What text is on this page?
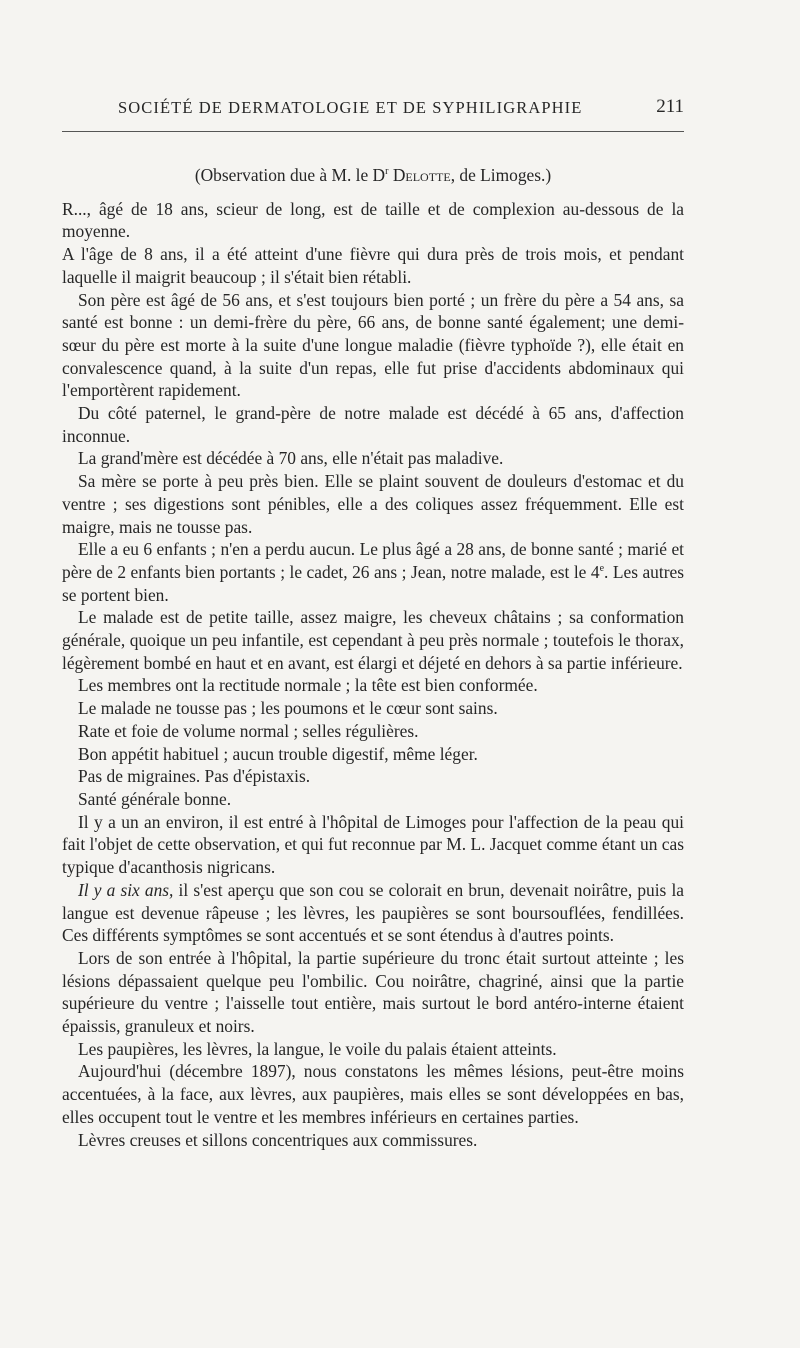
SOCIÉTÉ DE DERMATOLOGIE ET DE SYPHILIGRAPHIE	211
(Observation due à M. le $D^r$ Delotte, de Limoges.)

R..., âgé de 18 ans, scieur de long, est de taille et de complexion au-dessous de la moyenne.

A l'âge de 8 ans, il a été atteint d'une fièvre qui dura près de trois mois, et pendant laquelle il maigrit beaucoup ; il s'était bien rétabli.

Son père est âgé de 56 ans, et s'est toujours bien porté ; un frère du père a 54 ans, sa santé est bonne : un demi-frère du père, 66 ans, de bonne santé également; une demi-sœur du père est morte à la suite d'une longue maladie (fièvre typhoïde ?), elle était en convalescence quand, à la suite d'un repas, elle fut prise d'accidents abdominaux qui l'emportèrent rapidement.

Du côté paternel, le grand-père de notre malade est décédé à 65 ans, d'affection inconnue.

La grand'mère est décédée à 70 ans, elle n'était pas maladive.

Sa mère se porte à peu près bien. Elle se plaint souvent de douleurs d'estomac et du ventre ; ses digestions sont pénibles, elle a des coliques assez fréquemment. Elle est maigre, mais ne tousse pas.

Elle a eu 6 enfants ; n'en a perdu aucun. Le plus âgé a 28 ans, de bonne santé ; marié et père de 2 enfants bien portants ; le cadet, 26 ans ; Jean, notre malade, est le 4e. Les autres se portent bien.

Le malade est de petite taille, assez maigre, les cheveux châtains ; sa conformation générale, quoique un peu infantile, est cependant à peu près normale ; toutefois le thorax, légèrement bombé en haut et en avant, est élargi et déjeté en dehors à sa partie inférieure.

Les membres ont la rectitude normale ; la tête est bien conformée.

Le malade ne tousse pas ; les poumons et le cœur sont sains.

Rate et foie de volume normal ; selles régulières.

Bon appétit habituel ; aucun trouble digestif, même léger.

Pas de migraines. Pas d'épistaxis.

Santé générale bonne.

Il y a un an environ, il est entré à l'hôpital de Limoges pour l'affection de la peau qui fait l'objet de cette observation, et qui fut reconnue par M. L. Jacquet comme étant un cas typique d'acanthosis nigricans.

Il y a six ans, il s'est aperçu que son cou se colorait en brun, devenait noirâtre, puis la langue est devenue râpeuse ; les lèvres, les paupières se sont boursouflées, fendillées. Ces différents symptômes se sont accentués et se sont étendus à d'autres points.

Lors de son entrée à l'hôpital, la partie supérieure du tronc était surtout atteinte ; les lésions dépassaient quelque peu l'ombilic. Cou noirâtre, chagriné, ainsi que la partie supérieure du ventre ; l'aisselle tout entière, mais surtout le bord antéro-interne étaient épaissis, granuleux et noirs.

Les paupières, les lèvres, la langue, le voile du palais étaient atteints.

Aujourd'hui (décembre 1897), nous constatons les mêmes lésions, peut-être moins accentuées, à la face, aux lèvres, aux paupières, mais elles se sont développées en bas, elles occupent tout le ventre et les membres inférieurs en certaines parties.

Lèvres creuses et sillons concentriques aux commissures.
